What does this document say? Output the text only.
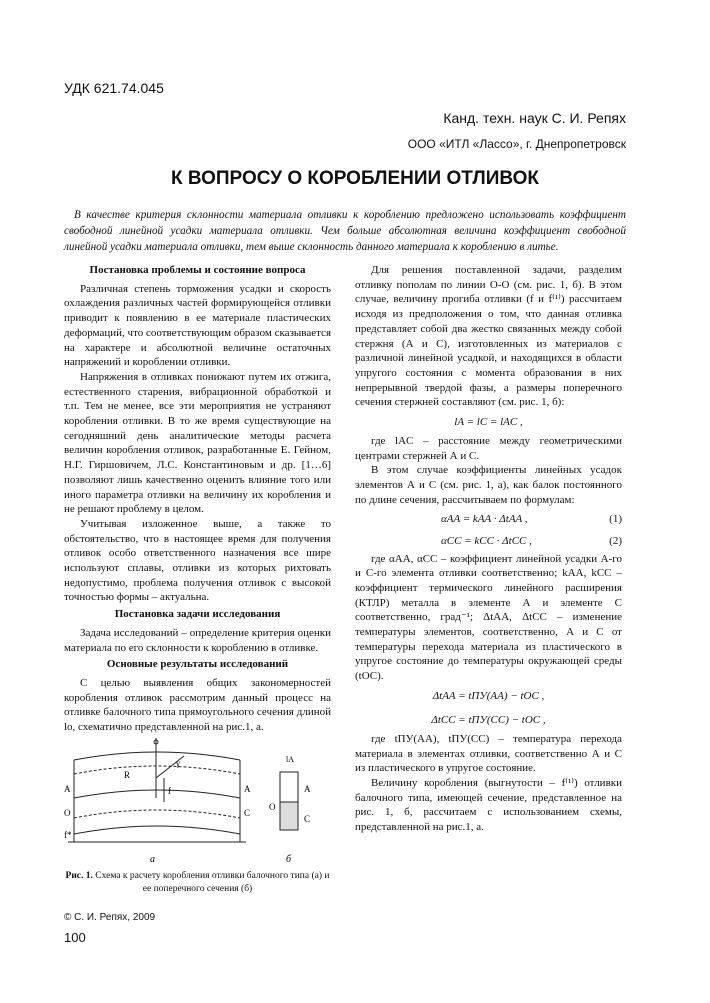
УДК 621.74.045
Канд. техн. наук С. И. Репях
ООО «ИТЛ «Лассо», г. Днепропетровск
К ВОПРОСУ О КОРОБЛЕНИИ ОТЛИВОК

В качестве критерия склонности материала отливки к короблению предложено использовать коэффициент свободной линейной усадки материала отливки. Чем больше абсолютная величина коэффициент свободной линейной усадки материала отливки, тем выше склонность данного материала к короблению в литье.

Постановка проблемы и состояние вопроса

Различная степень торможения усадки и скорость охлаждения различных частей формирующейся отливки приводит к появлению в ее материале пластических деформаций, что соответствующим образом сказывается на характере и абсолютной величине остаточных напряжений и короблении отливки.

Напряжения в отливках понижают путем их отжига, естественного старения, вибрационной обработкой и т.п. Тем не менее, все эти мероприятия не устраняют коробления отливки. В то же время существующие на сегодняшний день аналитические методы расчета величин коробления отливок, разработанные Е. Гейном, Н.Г. Гиршовичем, Л.С. Константиновым и др. [1…6] позволяют лишь качественно оценить влияние того или иного параметра отливки на величину их коробления и не решают проблему в целом.

Учитывая изложенное выше, а также то обстоятельство, что в настоящее время для получения отливок особо ответственного назначения все шире используют сплавы, отливки из которых рихтовать недопустимо, проблема получения отливок с высокой точностью формы – актуальна.

Постановка задачи исследования

Задача исследований – определение критерия оценки материала по его склонности к короблению в отливке.

Основные результаты исследований

С целью выявления общих закономерностей коробления отливок рассмотрим данный процесс на отливке балочного типа прямоугольного сечения длиной lо, схематично представленной на рис.1, а.

R
γ
f
A	A
О	C
f*
О
A
C
lA
а	б
Рис. 1. Схема к расчету коробления отливки балочного типа (а) и ее поперечного сечения (б)

Для решения поставленной задачи, разделим отливку пополам по линии О-О (см. рис. 1, б). В этом случае, величину прогиба отливки (f и f⁽¹⁾) рассчитаем исходя из предположения о том, что данная отливка представляет собой два жестко связанных между собой стержня (А и С), изготовленных из материалов с различной линейной усадкой, и находящихся в области упругого состояния с момента образования в них непрерывной твердой фазы, а размеры поперечного сечения стержней составляют (см. рис. 1, б):

lA = lC = lAC ,

где lAC – расстояние между геометрическими центрами стержней А и С.

В этом случае коэффициенты линейных усадок элементов А и С (см. рис. 1, а), как балок постоянного по длине сечения, рассчитываем по формулам:

αAA = kAA · ΔtAA ,	(1)
αCC = kCC · ΔtCC ,	(2)

где αAA, αCC – коэффициент линейной усадки А-го и С-го элемента отливки соответственно; kAA, kCC – коэффициент термического линейного расширения (КТЛР) металла в элементе А и элементе С соответственно, град⁻¹; ΔtAA, ΔtCC – изменение температуры элементов, соответственно, А и С от температуры перехода материала из пластического в упругое состояние до температуры окружающей среды (tОС).

ΔtAA = tПУ(AA) − tОС ,
ΔtCC = tПУ(CC) − tОС ,

где tПУ(AA), tПУ(CC) – температура перехода материала в элементах отливки, соответственно А и С из пластического в упругое состояние.

Величину коробления (выгнутости – f⁽¹⁾) отливки балочного типа, имеющей сечение, представленное на рис. 1, б, рассчитаем с использованием схемы, представленной на рис.1, а.

© С. И. Репях, 2009
100
